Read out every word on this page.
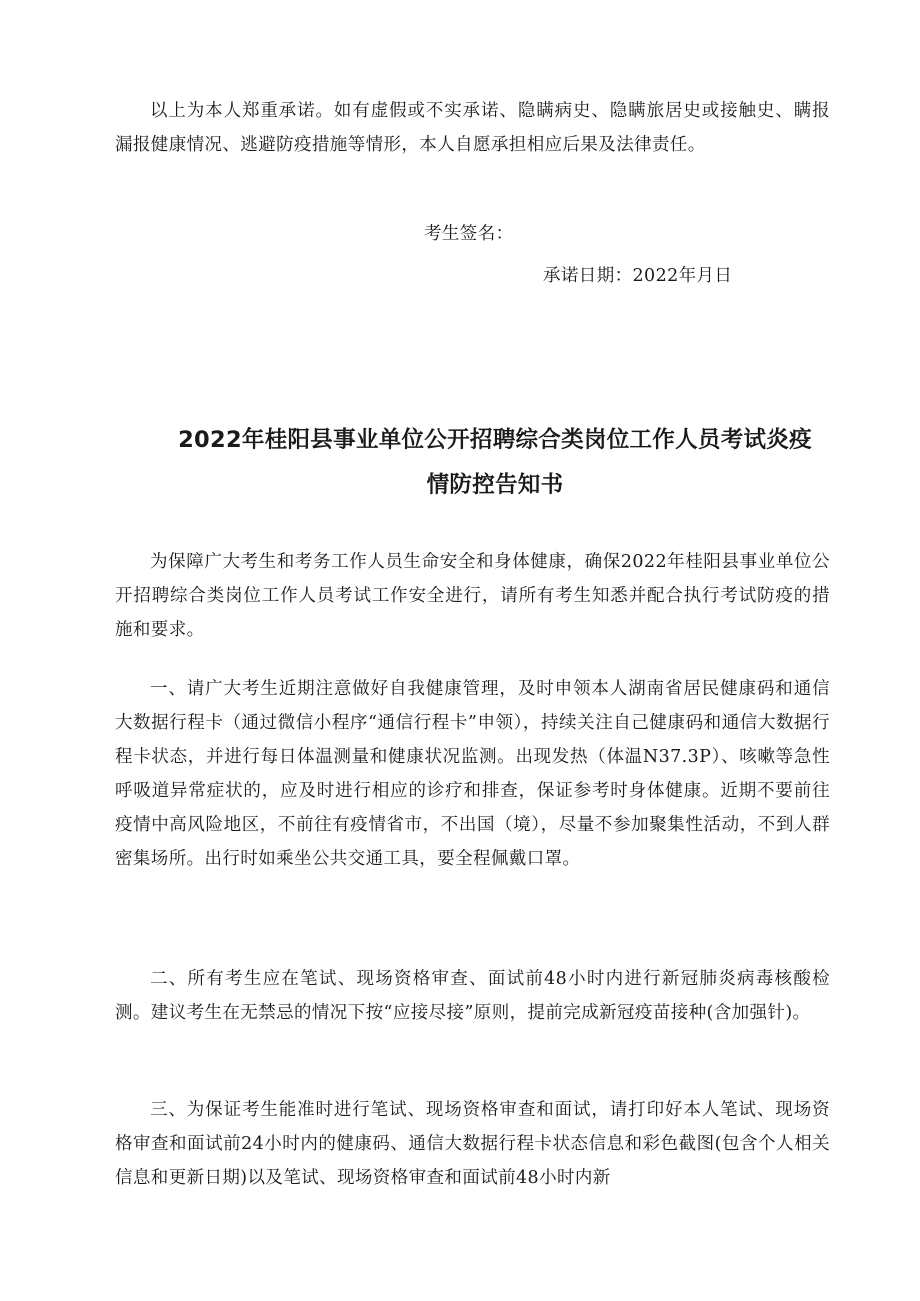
以上为本人郑重承诺。如有虚假或不实承诺、隐瞒病史、隐瞒旅居史或接触史、瞒报漏报健康情况、逃避防疫措施等情形，本人自愿承担相应后果及法律责任。

考生签名：
承诺日期：2022年月日
2022年桂阳县事业单位公开招聘综合类岗位工作人员考试炎疫
情防控告知书

为保障广大考生和考务工作人员生命安全和身体健康，确保2022年桂阳县事业单位公开招聘综合类岗位工作人员考试工作安全进行，请所有考生知悉并配合执行考试防疫的措施和要求。

一、请广大考生近期注意做好自我健康管理，及时申领本人湖南省居民健康码和通信大数据行程卡（通过微信小程序“通信行程卡”申领），持续关注自己健康码和通信大数据行程卡状态，并进行每日体温测量和健康状况监测。出现发热（体温N37.3P）、咳嗽等急性呼吸道异常症状的，应及时进行相应的诊疗和排查，保证参考时身体健康。近期不要前往疫情中高风险地区，不前往有疫情省市，不出国（境），尽量不参加聚集性活动，不到人群密集场所。出行时如乘坐公共交通工具，要全程佩戴口罩。

二、所有考生应在笔试、现场资格审查、面试前48小时内进行新冠肺炎病毒核酸检测。建议考生在无禁忌的情况下按“应接尽接”原则，提前完成新冠疫苗接种(含加强针)。

三、为保证考生能准时进行笔试、现场资格审查和面试，请打印好本人笔试、现场资格审查和面试前24小时内的健康码、通信大数据行程卡状态信息和彩色截图(包含个人相关信息和更新日期)以及笔试、现场资格审查和面试前48小时内新
